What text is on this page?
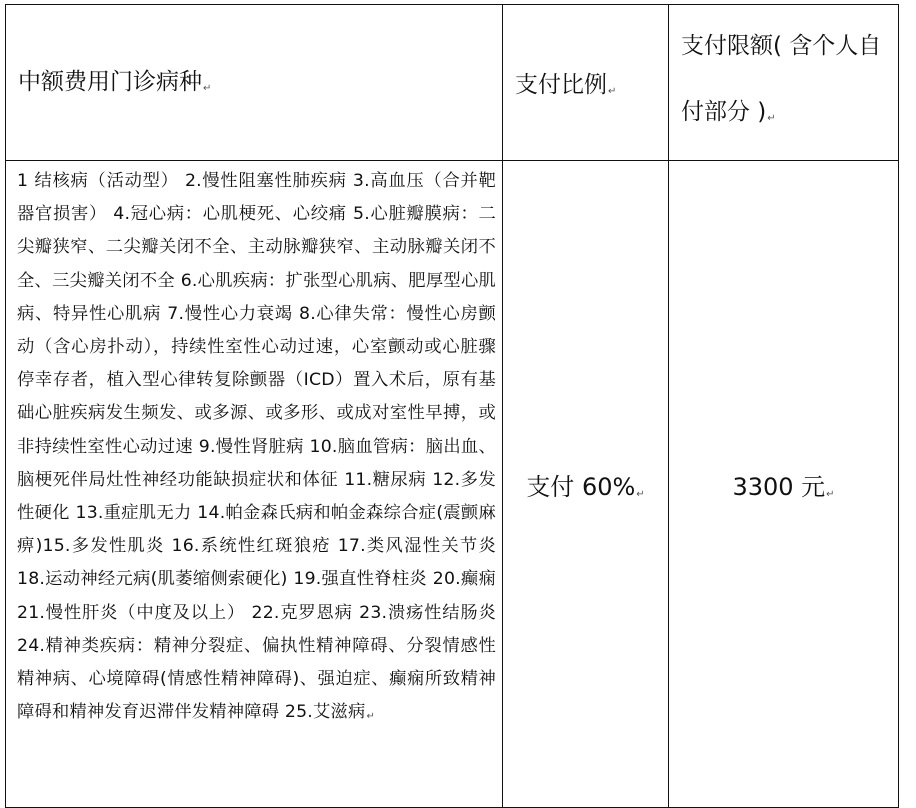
中额费用门诊病种↵	支付比例↵	支付限额( 含个人自
付部分 )↵

1 结核病（活动型） 2.慢性阻塞性肺疾病 3.高血压（合并靶器官损害） 4.冠心病：心肌梗死、心绞痛 5.心脏瓣膜病：二尖瓣狭窄、二尖瓣关闭不全、主动脉瓣狭窄、主动脉瓣关闭不全、三尖瓣关闭不全 6.心肌疾病：扩张型心肌病、肥厚型心肌病、特异性心肌病 7.慢性心力衰竭 8.心律失常：慢性心房颤动（含心房扑动），持续性室性心动过速，心室颤动或心脏骤停幸存者，植入型心律转复除颤器（ICD）置入术后，原有基础心脏疾病发生频发、或多源、或多形、或成对室性早搏，或非持续性室性心动过速 9.慢性肾脏病 10.脑血管病：脑出血、脑梗死伴局灶性神经功能缺损症状和体征 11.糖尿病 12.多发性硬化 13.重症肌无力 14.帕金森氏病和帕金森综合症(震颤麻痹)15.多发性肌炎 16.系统性红斑狼疮 17.类风湿性关节炎 18.运动神经元病(肌萎缩侧索硬化) 19.强直性脊柱炎 20.癫痫 21.慢性肝炎（中度及以上） 22.克罗恩病 23.溃疡性结肠炎 24.精神类疾病：精神分裂症、偏执性精神障碍、分裂情感性精神病、心境障碍(情感性精神障碍)、强迫症、癫痫所致精神障碍和精神发育迟滞伴发精神障碍 25.艾滋病↵	支付 60%↵	3300 元↵
